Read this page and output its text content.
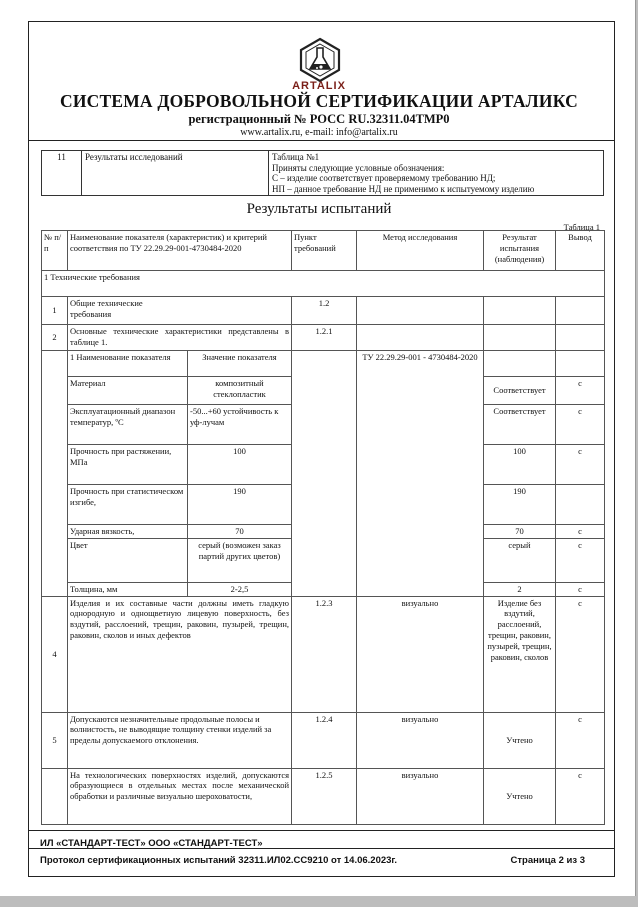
ARTALIX
СИСТЕМА ДОБРОВОЛЬНОЙ СЕРТИФИКАЦИИ АРТАЛИКС
регистрационный № РОСС RU.32311.04ТМР0
www.artalix.ru, e-mail: info@artalix.ru
11	Результаты исследований	Таблица №1
Приняты следующие условные обозначения:
С – изделие соответствует проверяемому требованию НД;
НП – данное требование НД не применимо к испытуемому изделию
Результаты испытаний
Таблица 1
№ п/п	Наименование показателя (характеристик) и критерий соответствия по ТУ 22.29.29-001-4730484-2020		Пункт требований	Метод исследования	Результат испытания (наблюдения)	Вывод
1 Технические требования						
1	Общие технические требования		1.2			
2	Основные технические характеристики представлены в таблице 1.		1.2.1			
	1 Наименование показателя	Значение показателя		ТУ 22.29.29-001 - 4730484-2020		
	Материал	композитный стеклопластик			Соответствует	с
	Эксплуатационный диапазон температур, ºС	-50...+60 устойчивость к уф-лучам			Соответствует	с
	Прочность при растяжении, МПа	100			100	с
	Прочность при статистическом изгибе,	190			190	
	Ударная вязкость,	70			70	с
	Цвет	серый (возможен заказ партий других цветов)			серый	с
	Толщина, мм	2-2,5			2	с
4	Изделия и их составные части должны иметь гладкую однородную и однощветную лицевую поверхность, без вздутий, расслоений, трещин, раковин, пузырей, трещин, раковин, сколов и иных дефектов		1.2.3	визуально	Изделие без вздутий, расслоений, трещин, раковин, пузырей, трещин, раковин, сколов	с
5	Допускаются незначительные продольные полосы и волнистость, не выводящие толщину стенки изделий за пределы допускаемого отклонения.		1.2.4	визуально	Учтено	с
	На технологических поверхностях изделий, допускаются образующиеся в отдельных местах после механической обработки и различные визуально шероховатости,		1.2.5	визуально	Учтено	с
ИЛ «СТАНДАРТ-ТЕСТ» ООО «СТАНДАРТ-ТЕСТ»
Протокол сертификационных испытаний 32311.ИЛ02.СС9210 от 14.06.2023г.	Страница 2 из 3
